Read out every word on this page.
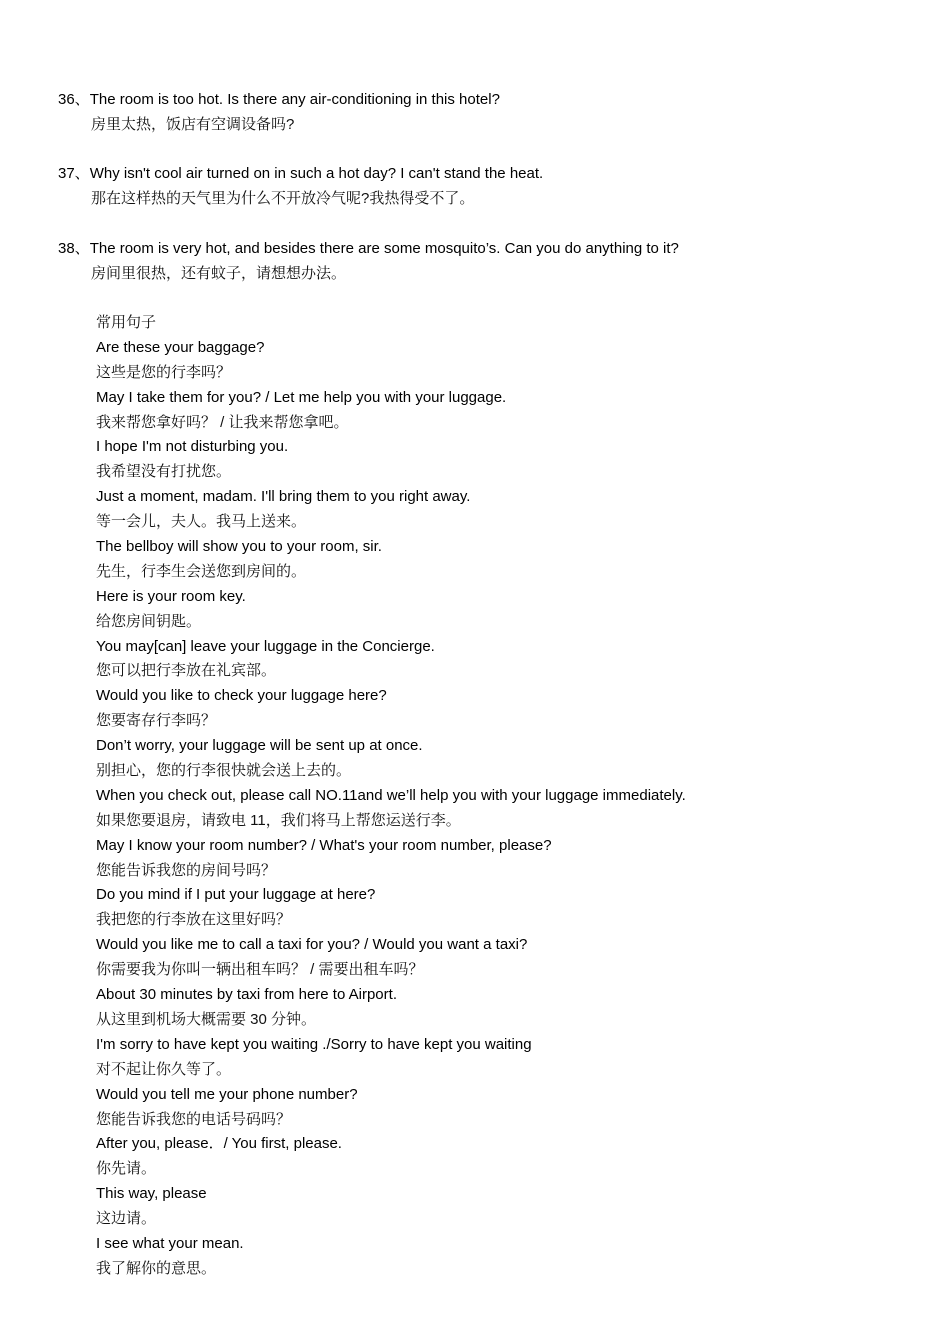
36、The room is too hot. Is there any air-conditioning in this hotel?
房里太热，饭店有空调设备吗?
37、Why isn't cool air turned on in such a hot day? I can't stand the heat.
那在这样热的天气里为什么不开放冷气呢?我热得受不了。
38、The room is very hot, and besides there are some mosquito’s. Can you do anything to it?
房间里很热，还有蚊子，请想想办法。
常用句子
Are these your baggage?
这些是您的行李吗？
May I take them for you? / Let me help you with your luggage.
我来帮您拿好吗？ / 让我来帮您拿吧。
I hope I'm not disturbing you.
我希望没有打扰您。
Just a moment, madam. I'll bring them to you right away.
等一会儿，夫人。我马上送来。
The bellboy will show you to your room, sir.
先生，行李生会送您到房间的。
Here is your room key.
给您房间钥匙。
You may[can] leave your luggage in the Concierge.
您可以把行李放在礼宾部。
Would you like to check your luggage here?
您要寄存行李吗？
Don’t worry, your luggage will be sent up at once.
别担心，您的行李很快就会送上去的。
When you check out, please call NO.11and we’ll help you with your luggage immediately.
如果您要退房，请致电 11，我们将马上帮您运送行李。
May I know your room number? / What's your room number, please?
您能告诉我您的房间号吗？
Do you mind if I put your luggage at here?
我把您的行李放在这里好吗？
Would you like me to call a taxi for you? / Would you want a taxi?
你需要我为你叫一辆出租车吗？ / 需要出租车吗？
About 30 minutes by taxi from here to Airport.
从这里到机场大概需要 30 分钟。
I'm sorry to have kept you waiting ./Sorry to have kept you waiting
对不起让你久等了。
Would you tell me your phone number?
您能告诉我您的电话号码吗？
After you, please．/ You first, please.
你先请。
This way, please
这边请。
I see what your mean.
我了解你的意思。
